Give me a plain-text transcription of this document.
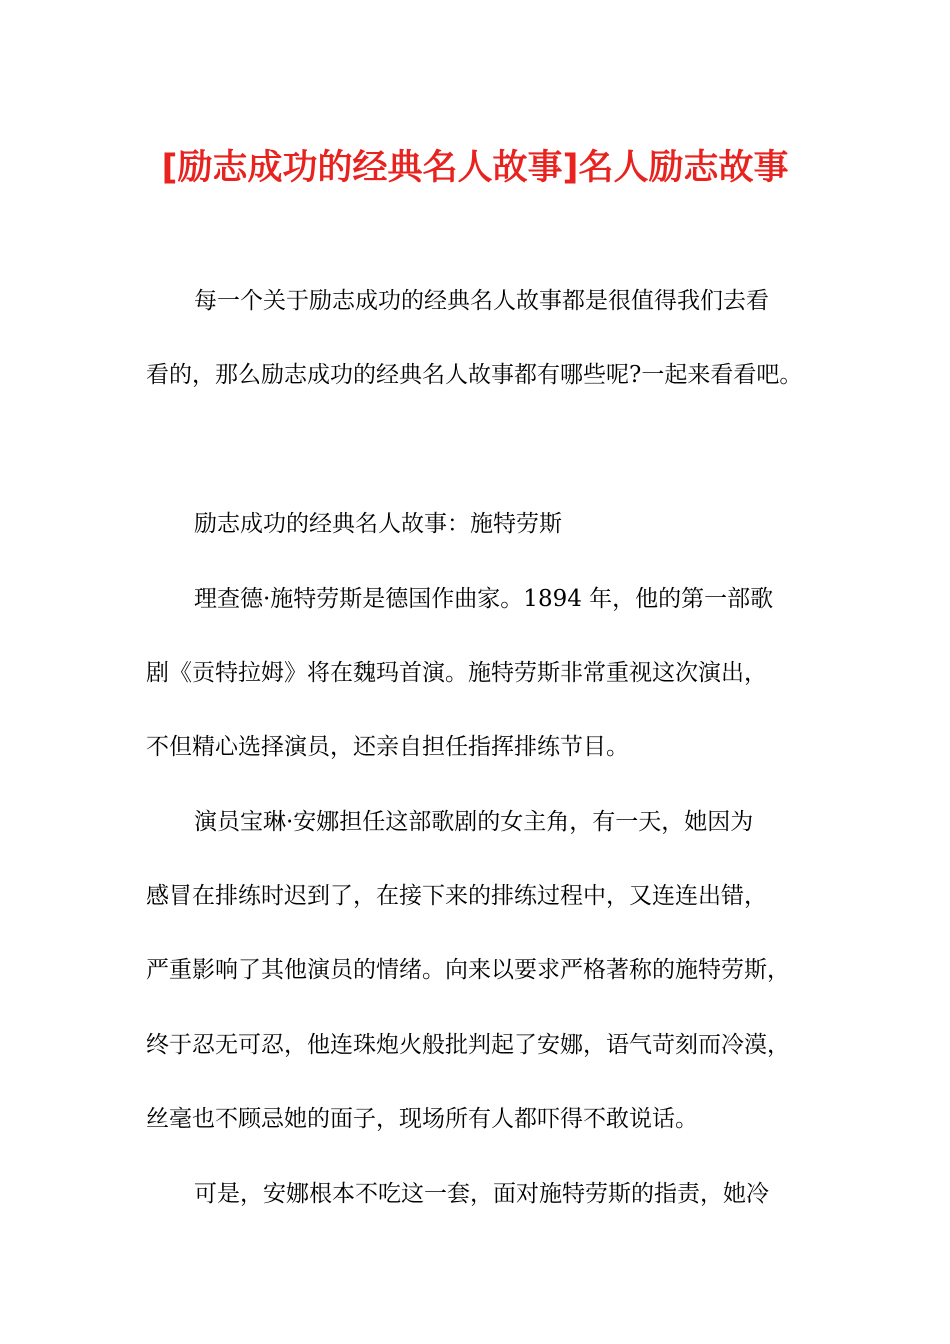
[励志成功的经典名人故事]名人励志故事

每一个关于励志成功的经典名人故事都是很值得我们去看

看的，那么励志成功的经典名人故事都有哪些呢?一起来看看吧。

励志成功的经典名人故事：施特劳斯

理查德·施特劳斯是德国作曲家。1894 年，他的第一部歌

剧《贡特拉姆》将在魏玛首演。施特劳斯非常重视这次演出，

不但精心选择演员，还亲自担任指挥排练节目。

演员宝琳·安娜担任这部歌剧的女主角，有一天，她因为

感冒在排练时迟到了，在接下来的排练过程中，又连连出错，

严重影响了其他演员的情绪。向来以要求严格著称的施特劳斯，

终于忍无可忍，他连珠炮火般批判起了安娜，语气苛刻而冷漠，

丝毫也不顾忌她的面子，现场所有人都吓得不敢说话。

可是，安娜根本不吃这一套，面对施特劳斯的指责，她冷
